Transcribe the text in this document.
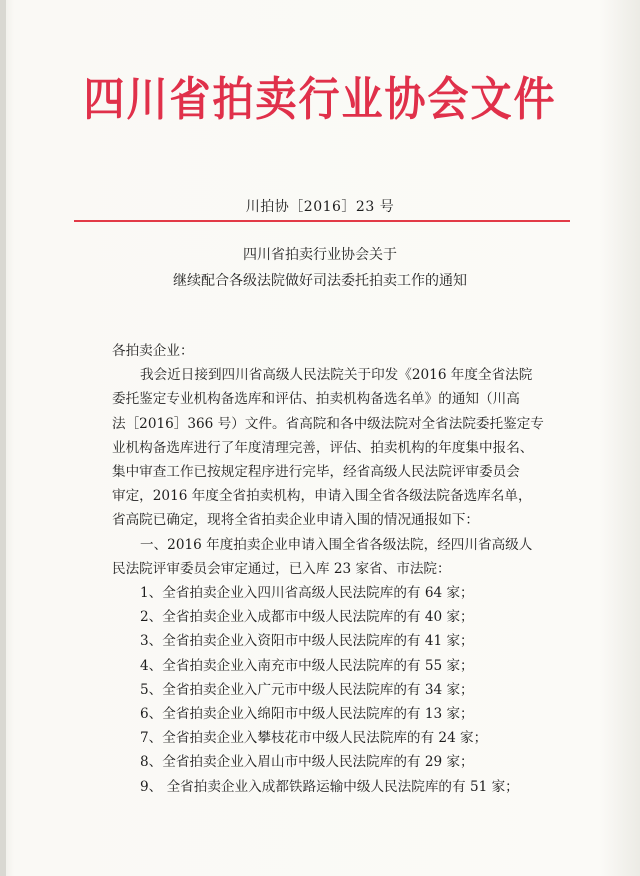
四川省拍卖行业协会文件
川拍协［2016］23 号
四川省拍卖行业协会关于
继续配合各级法院做好司法委托拍卖工作的通知
各拍卖企业：
我会近日接到四川省高级人民法院关于印发《2016 年度全省法院
委托鉴定专业机构备选库和评估、拍卖机构备选名单》的通知（川高
法［2016］366 号）文件。省高院和各中级法院对全省法院委托鉴定专
业机构备选库进行了年度清理完善，评估、拍卖机构的年度集中报名、
集中审查工作已按规定程序进行完毕，经省高级人民法院评审委员会
审定，2016 年度全省拍卖机构，申请入围全省各级法院备选库名单，
省高院已确定，现将全省拍卖企业申请入围的情况通报如下：
一、2016 年度拍卖企业申请入围全省各级法院，经四川省高级人
民法院评审委员会审定通过，已入库 23 家省、市法院：
1、全省拍卖企业入四川省高级人民法院库的有 64 家；
2、全省拍卖企业入成都市中级人民法院库的有 40 家；
3、全省拍卖企业入资阳市中级人民法院库的有 41 家；
4、全省拍卖企业入南充市中级人民法院库的有 55 家；
5、全省拍卖企业入广元市中级人民法院库的有 34 家；
6、全省拍卖企业入绵阳市中级人民法院库的有 13 家；
7、全省拍卖企业入攀枝花市中级人民法院库的有 24 家；
8、全省拍卖企业入眉山市中级人民法院库的有 29 家；
9、 全省拍卖企业入成都铁路运输中级人民法院库的有 51 家；
